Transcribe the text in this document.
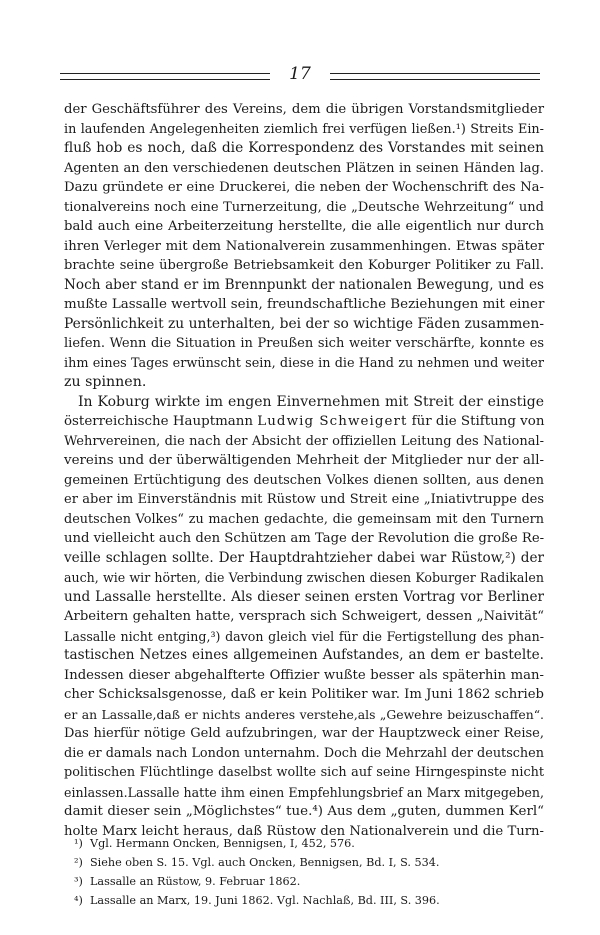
17
der Geschäftsführer des Vereins, dem die übrigen Vorstandsmitglieder
in laufenden Angelegenheiten ziemlich frei verfügen ließen.¹) Streits Ein-
fluß hob es noch, daß die Korrespondenz des Vorstandes mit seinen
Agenten an den verschiedenen deutschen Plätzen in seinen Händen lag.
Dazu gründete er eine Druckerei, die neben der Wochenschrift des Na-
tionalvereins noch eine Turnerzeitung, die „Deutsche Wehrzeitung“ und
bald auch eine Arbeiterzeitung herstellte, die alle eigentlich nur durch
ihren Verleger mit dem Nationalverein zusammenhingen. Etwas später
brachte seine übergroße Betriebsamkeit den Koburger Politiker zu Fall.
Noch aber stand er im Brennpunkt der nationalen Bewegung, und es
mußte Lassalle wertvoll sein, freundschaftliche Beziehungen mit einer
Persönlichkeit zu unterhalten, bei der so wichtige Fäden zusammen-
liefen. Wenn die Situation in Preußen sich weiter verschärfte, konnte es
ihm eines Tages erwünscht sein, diese in die Hand zu nehmen und weiter
zu spinnen.
In Koburg wirkte im engen Einvernehmen mit Streit der einstige
österreichische Hauptmann Ludwig Schweigert für die Stiftung von
Wehrvereinen, die nach der Absicht der offiziellen Leitung des National-
vereins und der überwältigenden Mehrheit der Mitglieder nur der all-
gemeinen Ertüchtigung des deutschen Volkes dienen sollten, aus denen
er aber im Einverständnis mit Rüstow und Streit eine „Iniativtruppe des
deutschen Volkes“ zu machen gedachte, die gemeinsam mit den Turnern
und vielleicht auch den Schützen am Tage der Revolution die große Re-
veille schlagen sollte. Der Hauptdrahtzieher dabei war Rüstow,²) der
auch, wie wir hörten, die Verbindung zwischen diesen Koburger Radikalen
und Lassalle herstellte. Als dieser seinen ersten Vortrag vor Berliner
Arbeitern gehalten hatte, versprach sich Schweigert, dessen „Naivität“
Lassalle nicht entging,³) davon gleich viel für die Fertigstellung des phan-
tastischen Netzes eines allgemeinen Aufstandes, an dem er bastelte.
Indessen dieser abgehalfterte Offizier wußte besser als späterhin man-
cher Schicksalsgenosse, daß er kein Politiker war. Im Juni 1862 schrieb
er an Lassalle,daß er nichts anderes verstehe,als „Gewehre beizuschaffen“.
Das hierfür nötige Geld aufzubringen, war der Hauptzweck einer Reise,
die er damals nach London unternahm. Doch die Mehrzahl der deutschen
politischen Flüchtlinge daselbst wollte sich auf seine Hirngespinste nicht
einlassen.Lassalle hatte ihm einen Empfehlungsbrief an Marx mitgegeben,
damit dieser sein „Möglichstes“ tue.⁴) Aus dem „guten, dummen Kerl“
holte Marx leicht heraus, daß Rüstow den Nationalverein und die Turn-
¹) Vgl. Hermann Oncken, Bennigsen, I, 452, 576.
²) Siehe oben S. 15. Vgl. auch Oncken, Bennigsen, Bd. I, S. 534.
³) Lassalle an Rüstow, 9. Februar 1862.
⁴) Lassalle an Marx, 19. Juni 1862. Vgl. Nachlaß, Bd. III, S. 396.
